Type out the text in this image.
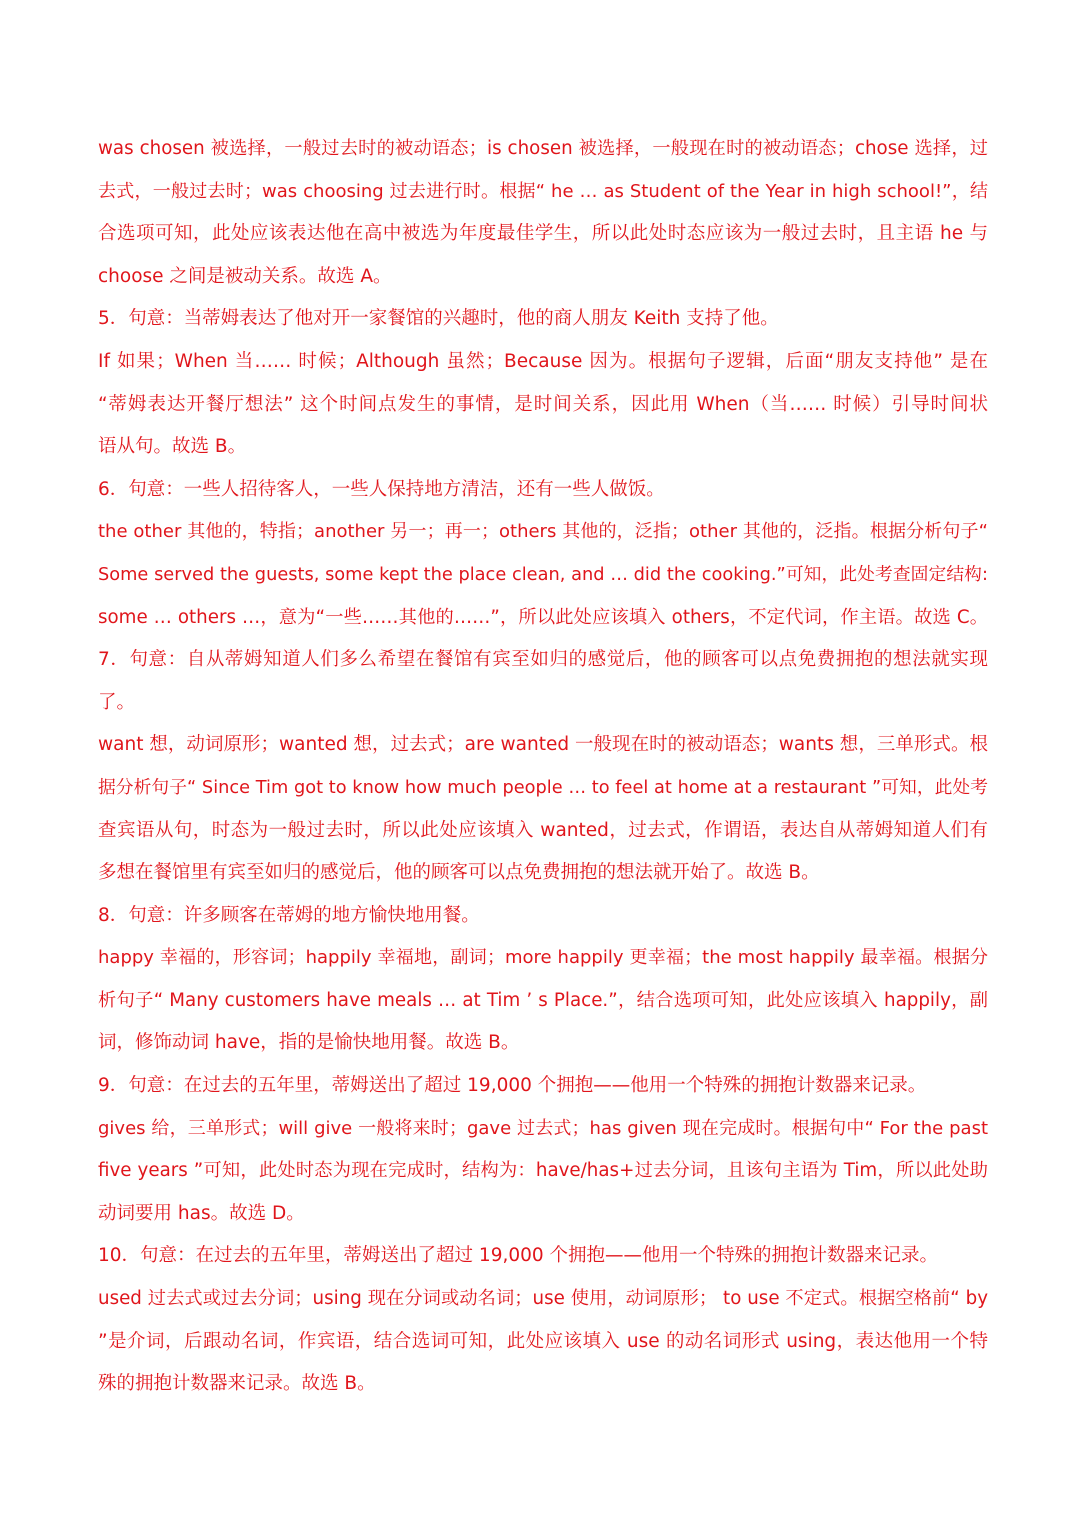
was chosen 被选择，一般过去时的被动语态；is chosen 被选择，一般现在时的被动语态；chose 选择，过
去式，一般过去时；was choosing 过去进行时。根据“ he … as Student of the Year in high school!”，结
合选项可知，此处应该表达他在高中被选为年度最佳学生，所以此处时态应该为一般过去时，且主语 he 与
choose 之间是被动关系。故选 A。
5．句意：当蒂姆表达了他对开一家餐馆的兴趣时，他的商人朋友 Keith 支持了他。
If 如果；When 当…… 时候；Although 虽然；Because 因为。根据句子逻辑，后面“朋友支持他” 是在
“蒂姆表达开餐厅想法” 这个时间点发生的事情，是时间关系，因此用 When（当…… 时候）引导时间状
语从句。故选 B。
6．句意：一些人招待客人，一些人保持地方清洁，还有一些人做饭。
the other 其他的，特指；another 另一；再一；others 其他的，泛指；other 其他的，泛指。根据分析句子“
Some served the guests, some kept the place clean, and … did the cooking.”可知，此处考查固定结构:
some … others …，意为“一些……其他的……”，所以此处应该填入 others，不定代词，作主语。故选 C。
7．句意：自从蒂姆知道人们多么希望在餐馆有宾至如归的感觉后，他的顾客可以点免费拥抱的想法就实现
了。
want 想，动词原形；wanted 想，过去式；are wanted 一般现在时的被动语态；wants 想，三单形式。根
据分析句子“ Since Tim got to know how much people … to feel at home at a restaurant ”可知，此处考
查宾语从句，时态为一般过去时，所以此处应该填入 wanted，过去式，作谓语，表达自从蒂姆知道人们有
多想在餐馆里有宾至如归的感觉后，他的顾客可以点免费拥抱的想法就开始了。故选 B。
8．句意：许多顾客在蒂姆的地方愉快地用餐。
happy 幸福的，形容词；happily 幸福地，副词；more happily 更幸福；the most happily 最幸福。根据分
析句子“ Many customers have meals … at Tim ’ s Place.”，结合选项可知，此处应该填入 happily，副
词，修饰动词 have，指的是愉快地用餐。故选 B。
9．句意：在过去的五年里，蒂姆送出了超过 19,000 个拥抱——他用一个特殊的拥抱计数器来记录。
gives 给，三单形式；will give 一般将来时；gave 过去式；has given 现在完成时。根据句中“ For the past
five years ”可知，此处时态为现在完成时，结构为：have/has+过去分词，且该句主语为 Tim，所以此处助
动词要用 has。故选 D。
10．句意：在过去的五年里，蒂姆送出了超过 19,000 个拥抱——他用一个特殊的拥抱计数器来记录。
used 过去式或过去分词；using 现在分词或动名词；use 使用，动词原形； to use 不定式。根据空格前“ by
”是介词，后跟动名词，作宾语，结合选词可知，此处应该填入 use 的动名词形式 using，表达他用一个特
殊的拥抱计数器来记录。故选 B。
